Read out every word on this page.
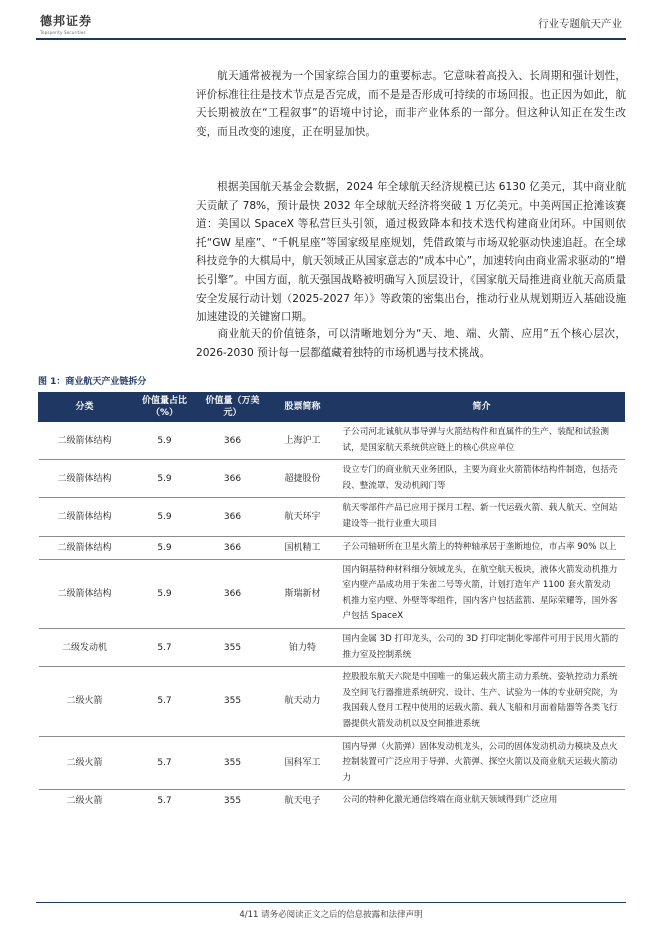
德邦证券
Topsperity Securities
行业专题航天产业

航天通常被视为一个国家综合国力的重要标志。它意味着高投入、长周期和强计划性，评价标准往往是技术节点是否完成，而不是是否形成可持续的市场回报。也正因为如此，航天长期被放在“工程叙事”的语境中讨论，而非产业体系的一部分。但这种认知正在发生改变，而且改变的速度，正在明显加快。

根据美国航天基金会数据，2024 年全球航天经济规模已达 6130 亿美元，其中商业航天贡献了 78%，预计最快 2032 年全球航天经济将突破 1 万亿美元。中美两国正抢滩该赛道：美国以 SpaceX 等私营巨头引领，通过极致降本和技术迭代构建商业闭环。中国则依托“GW 星座”、“千帆星座”等国家级星座规划，凭借政策与市场双轮驱动快速追赶。在全球科技竞争的大棋局中，航天领域正从国家意志的“成本中心”，加速转向由商业需求驱动的“增长引擎”。中国方面，航天强国战略被明确写入顶层设计，《国家航天局推进商业航天高质量安全发展行动计划（2025-2027 年）》等政策的密集出台，推动行业从规划期迈入基础设施加速建设的关键窗口期。

商业航天的价值链条，可以清晰地划分为“天、地、端、火箭、应用”五个核心层次，2026-2030 预计每一层都蕴藏着独特的市场机遇与技术挑战。

图 1：商业航天产业链拆分
分类	价值量占比（%）	价值量（万美元）	股票简称	简介
二级箭体结构	5.9	366	上海沪工	子公司河北诚航从事导弹与火箭结构件和直属件的生产、装配和试验测试，是国家航天系统供应链上的核心供应单位
二级箭体结构	5.9	366	超捷股份	设立专门的商业航天业务团队，主要为商业火箭箭体结构件制造，包括壳段、整流罩、发动机阀门等
二级箭体结构	5.9	366	航天环宇	航天零部件产品已应用于探月工程、新一代运载火箭、载人航天、空间站建设等一批行业重大项目
二级箭体结构	5.9	366	国机精工	子公司轴研所在卫星火箭上的特种轴承居于垄断地位，市占率 90% 以上
二级箭体结构	5.9	366	斯瑞新材	国内铜基特种材料细分领域龙头，在航空航天板块，液体火箭发动机推力室内壁产品成功用于朱雀二号等火箭，计划打造年产 1100 套火箭发动机推力室内壁、外壁等零组件，国内客户包括蓝箭、星际荣耀等，国外客户包括 SpaceX
二级发动机	5.7	355	铂力特	国内金属 3D 打印龙头，公司的 3D 打印定制化零部件可用于民用火箭的推力室及控制系统
二级火箭	5.7	355	航天动力	控股股东航天六院是中国唯一的集运载火箭主动力系统、姿轨控动力系统及空间飞行器推进系统研究、设计、生产、试验为一体的专业研究院，为我国载人登月工程中使用的运载火箭、载人飞船和月面着陆器等各类飞行器提供火箭发动机以及空间推进系统
二级火箭	5.7	355	国科军工	国内导弹（火箭弹）固体发动机龙头，公司的固体发动机动力模块及点火控制装置可广泛应用于导弹、火箭弹、探空火箭以及商业航天运载火箭动力
二级火箭	5.7	355	航天电子	公司的特种化激光通信终端在商业航天领域得到广泛应用
4/11 请务必阅读正文之后的信息披露和法律声明
